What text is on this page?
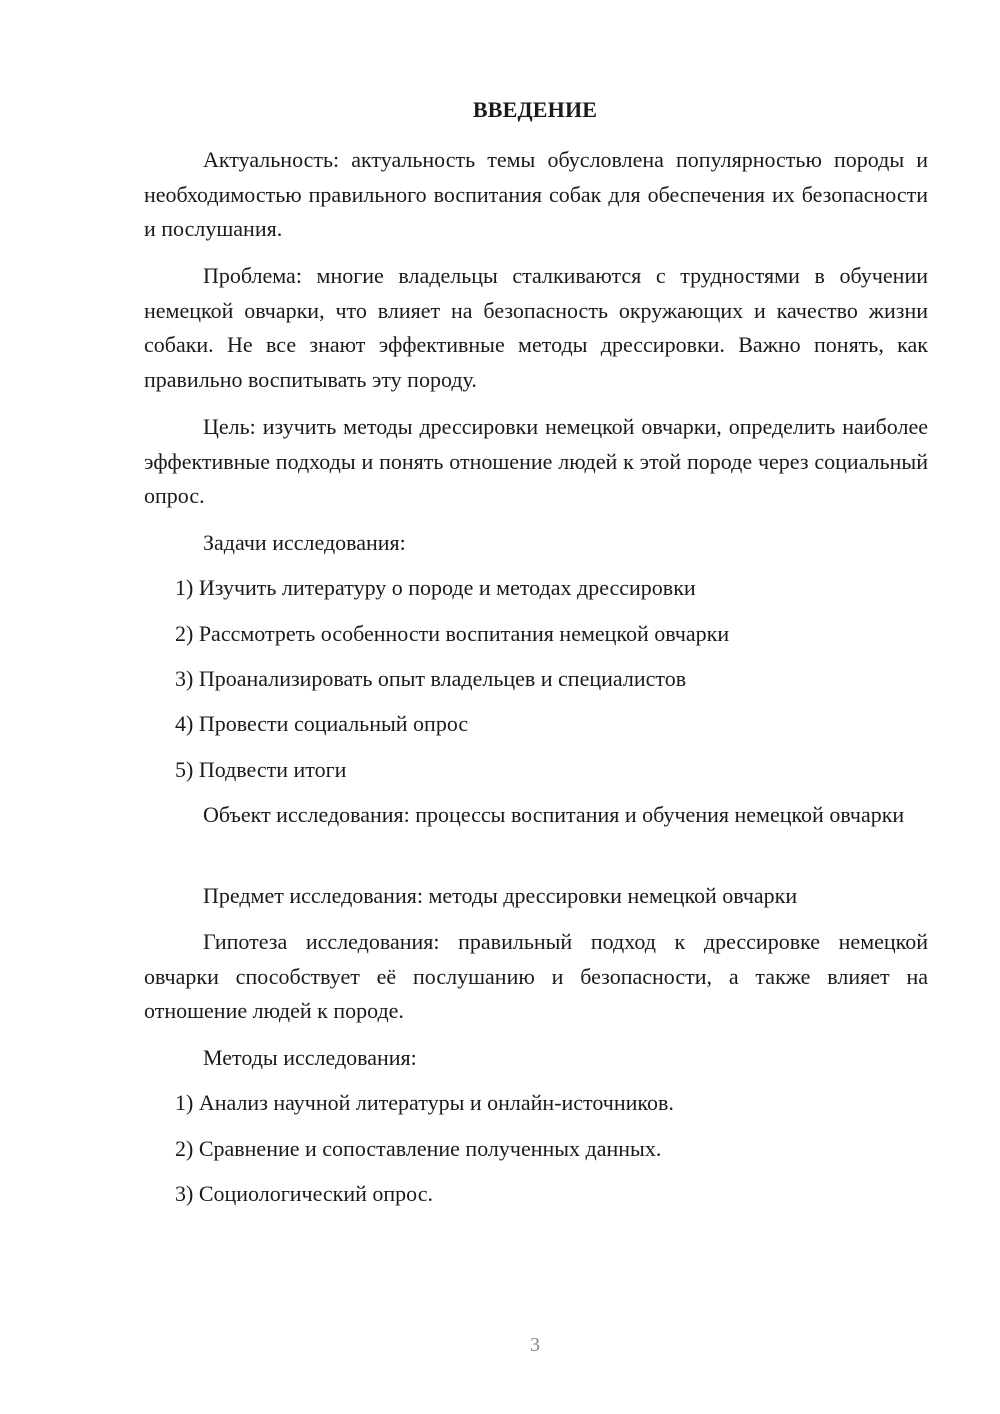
ВВЕДЕНИЕ
Актуальность: актуальность темы обусловлена популярностью породы и необходимостью правильного воспитания собак для обеспечения их безопасности и послушания.
Проблема: многие владельцы сталкиваются с трудностями в обучении немецкой овчарки, что влияет на безопасность окружающих и качество жизни собаки. Не все знают эффективные методы дрессировки. Важно понять, как правильно воспитывать эту породу.
Цель: изучить методы дрессировки немецкой овчарки, определить наиболее эффективные подходы и понять отношение людей к этой породе через социальный опрос.
Задачи исследования:
1) Изучить литературу о породе и методах дрессировки
2) Рассмотреть особенности воспитания немецкой овчарки
3) Проанализировать опыт владельцев и специалистов
4) Провести социальный опрос
5) Подвести итоги
Объект исследования: процессы воспитания и обучения немецкой овчарки
Предмет исследования: методы дрессировки немецкой овчарки
Гипотеза исследования: правильный подход к дрессировке немецкой овчарки способствует её послушанию и безопасности, а также влияет на отношение людей к породе.
Методы исследования:
1) Анализ научной литературы и онлайн-источников.
2) Сравнение и сопоставление полученных данных.
3) Социологический опрос.
3
